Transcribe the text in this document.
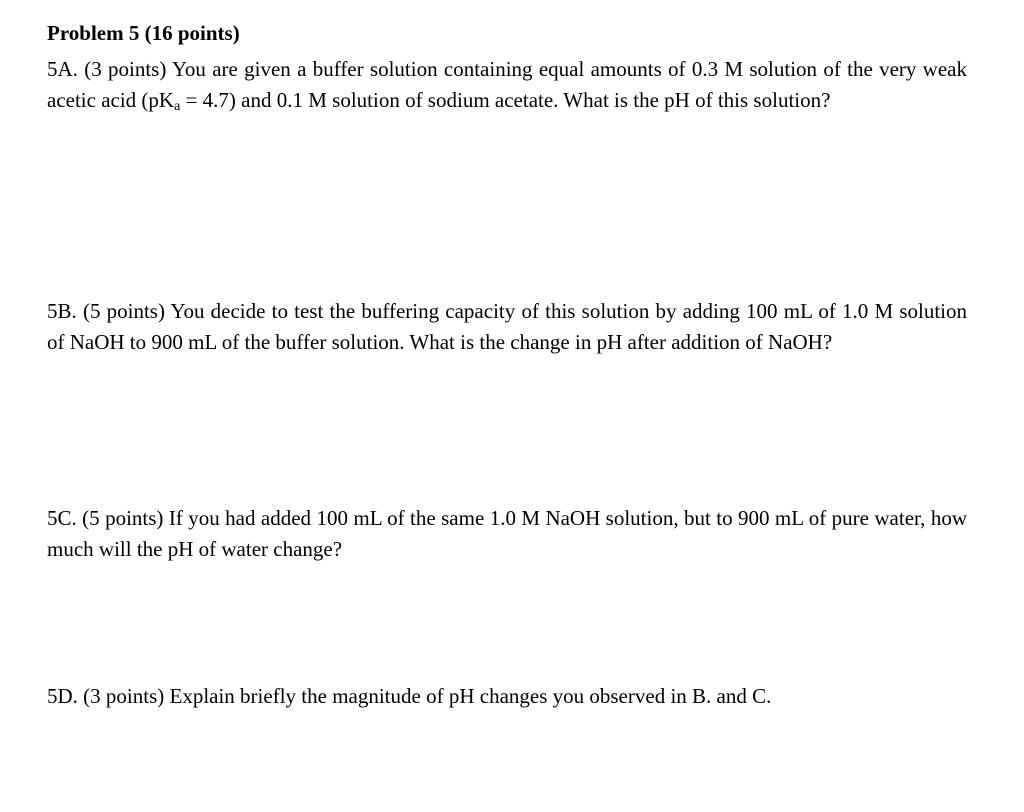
Problem 5 (16 points)
5A. (3 points) You are given a buffer solution containing equal amounts of 0.3 M solution of the very weak acetic acid $(pK_a = 4.7)$ and 0.1 M solution of sodium acetate. What is the pH of this solution?
5B. (5 points) You decide to test the buffering capacity of this solution by adding 100 mL of 1.0 M solution of NaOH to 900 mL of the buffer solution. What is the change in pH after addition of NaOH?
5C. (5 points) If you had added 100 mL of the same 1.0 M NaOH solution, but to 900 mL of pure water, how much will the pH of water change?
5D. (3 points) Explain briefly the magnitude of pH changes you observed in B. and C.
